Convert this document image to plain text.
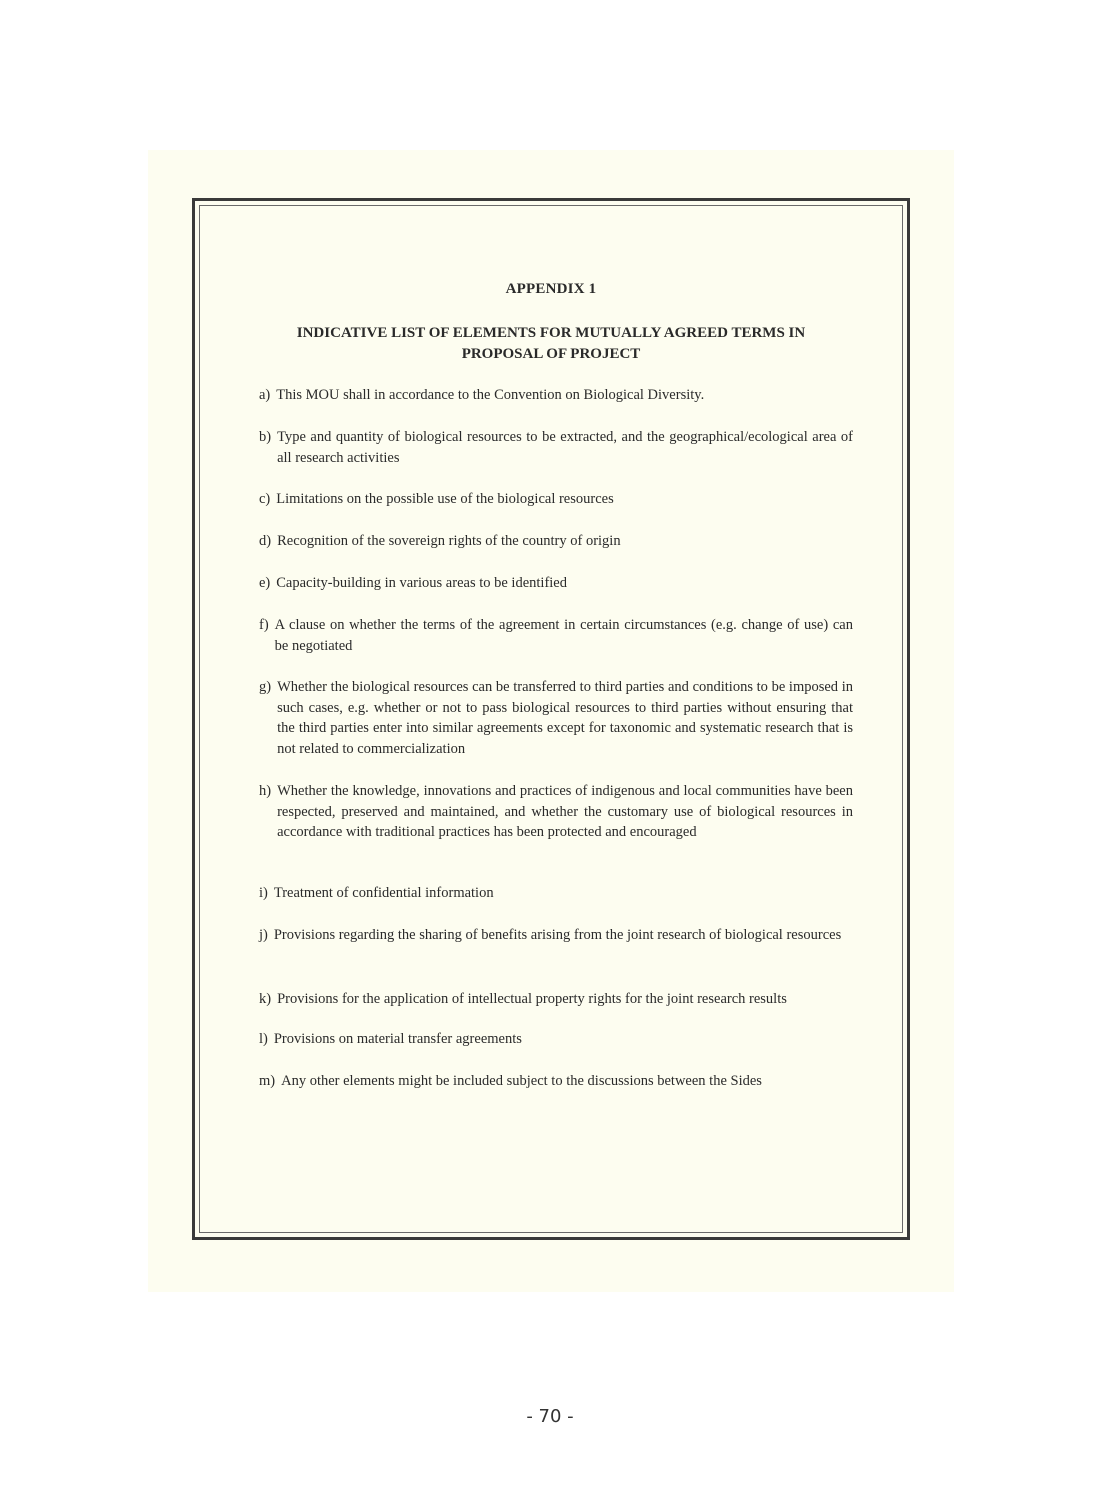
APPENDIX 1
INDICATIVE LIST OF ELEMENTS FOR MUTUALLY AGREED TERMS IN PROPOSAL OF PROJECT
a) This MOU shall in accordance to the Convention on Biological Diversity.
b) Type and quantity of biological resources to be extracted, and the geographical/ecological area of all research activities
c) Limitations on the possible use of the biological resources
d) Recognition of the sovereign rights of the country of origin
e) Capacity-building in various areas to be identified
f) A clause on whether the terms of the agreement in certain circumstances (e.g. change of use) can be negotiated
g) Whether the biological resources can be transferred to third parties and conditions to be imposed in such cases, e.g. whether or not to pass biological resources to third parties without ensuring that the third parties enter into similar agreements except for taxonomic and systematic research that is not related to commercialization
h) Whether the knowledge, innovations and practices of indigenous and local communities have been respected, preserved and maintained, and whether the customary use of biological resources in accordance with traditional practices has been protected and encouraged
i) Treatment of confidential information
j) Provisions regarding the sharing of benefits arising from the joint research of biological resources
k) Provisions for the application of intellectual property rights for the joint research results
l) Provisions on material transfer agreements
m) Any other elements might be included subject to the discussions between the Sides
- 70 -
